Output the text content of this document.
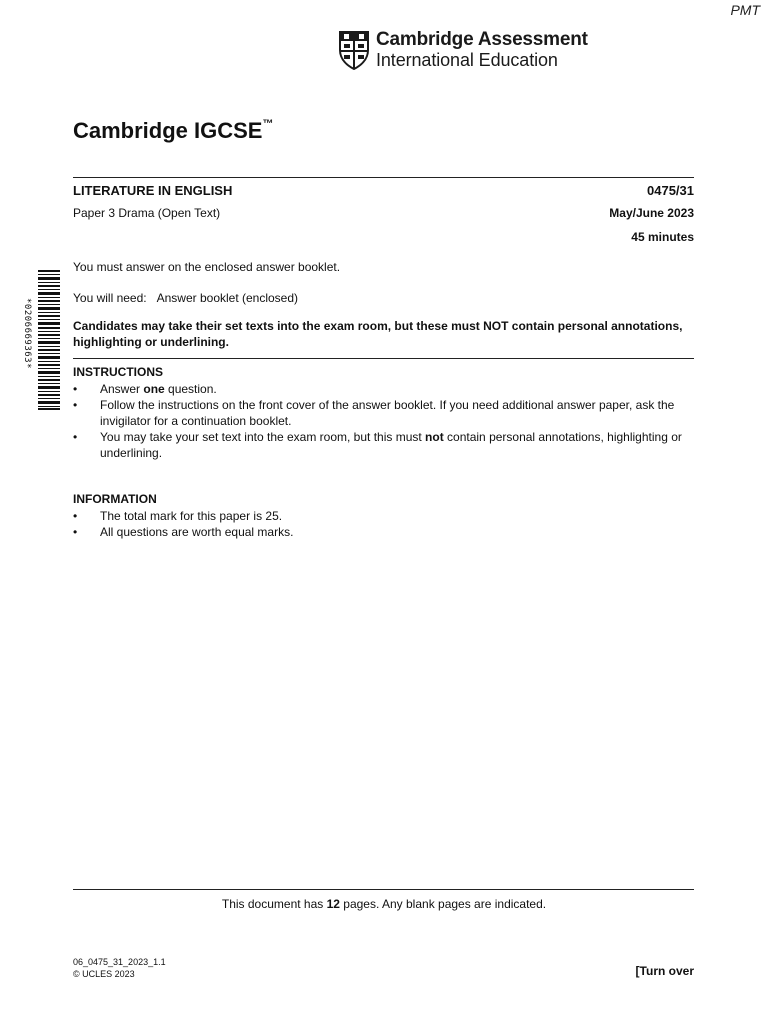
PMT
Cambridge Assessment
International Education
Cambridge IGCSE™
LITERATURE IN ENGLISH	0475/31
Paper 3 Drama (Open Text)	May/June 2023
45 minutes
You must answer on the enclosed answer booklet.
You will need: Answer booklet (enclosed)
Candidates may take their set texts into the exam room, but these must NOT contain personal annotations, highlighting or underlining.
INSTRUCTIONS
• Answer one question.
• Follow the instructions on the front cover of the answer booklet. If you need additional answer paper, ask the invigilator for a continuation booklet.
• You may take your set text into the exam room, but this must not contain personal annotations, highlighting or underlining.
INFORMATION
• The total mark for this paper is 25.
• All questions are worth equal marks.
This document has 12 pages. Any blank pages are indicated.
06_0475_31_2023_1.1
© UCLES 2023	[Turn over
*0206669363*
